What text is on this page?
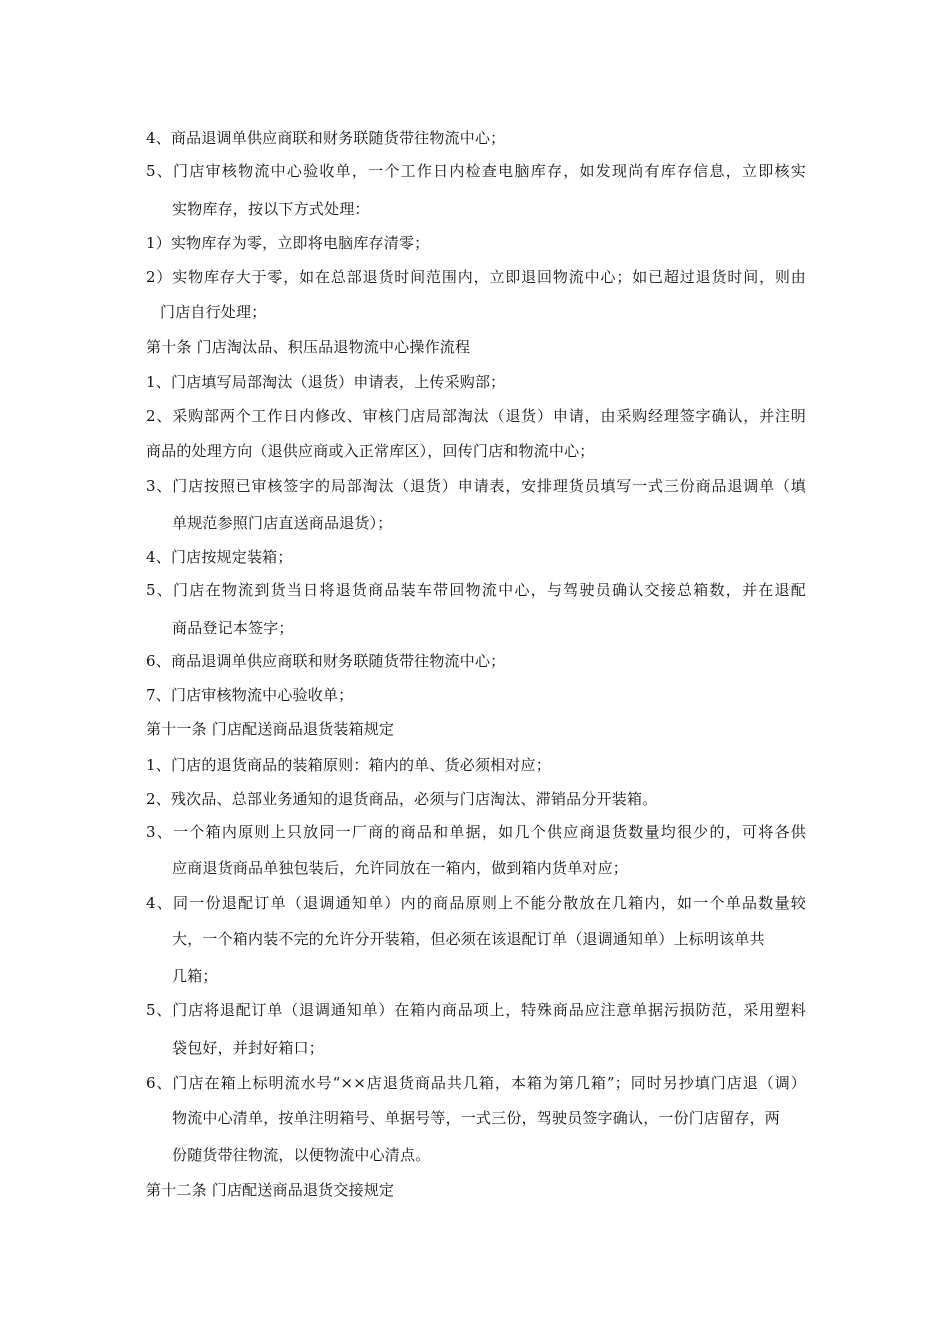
4、商品退调单供应商联和财务联随货带往物流中心；
5、门店审核物流中心验收单，一个工作日内检查电脑库存，如发现尚有库存信息，立即核实
实物库存，按以下方式处理：
1）实物库存为零，立即将电脑库存清零；
2）实物库存大于零，如在总部退货时间范围内，立即退回物流中心；如已超过退货时间，则由
门店自行处理；
第十条 门店淘汰品、积压品退物流中心操作流程
1、门店填写局部淘汰（退货）申请表，上传采购部；
2、采购部两个工作日内修改、审核门店局部淘汰（退货）申请，由采购经理签字确认，并注明
商品的处理方向（退供应商或入正常库区），回传门店和物流中心；
3、门店按照已审核签字的局部淘汰（退货）申请表，安排理货员填写一式三份商品退调单（填
单规范参照门店直送商品退货）；
4、门店按规定装箱；
5、门店在物流到货当日将退货商品装车带回物流中心，与驾驶员确认交接总箱数，并在退配
商品登记本签字；
6、商品退调单供应商联和财务联随货带往物流中心；
7、门店审核物流中心验收单；
第十一条 门店配送商品退货装箱规定
1、门店的退货商品的装箱原则：箱内的单、货必须相对应；
2、残次品、总部业务通知的退货商品，必须与门店淘汰、滞销品分开装箱。
3、一个箱内原则上只放同一厂商的商品和单据，如几个供应商退货数量均很少的，可将各供
应商退货商品单独包装后，允许同放在一箱内，做到箱内货单对应；
4、同一份退配订单（退调通知单）内的商品原则上不能分散放在几箱内，如一个单品数量较
大，一个箱内装不完的允许分开装箱，但必须在该退配订单（退调通知单）上标明该单共
几箱；
5、门店将退配订单（退调通知单）在箱内商品项上，特殊商品应注意单据污损防范，采用塑料
袋包好，并封好箱口；
6、门店在箱上标明流水号“××店退货商品共几箱，本箱为第几箱”；同时另抄填门店退（调）
物流中心清单，按单注明箱号、单据号等，一式三份，驾驶员签字确认，一份门店留存，两
份随货带往物流，以便物流中心清点。
第十二条 门店配送商品退货交接规定
